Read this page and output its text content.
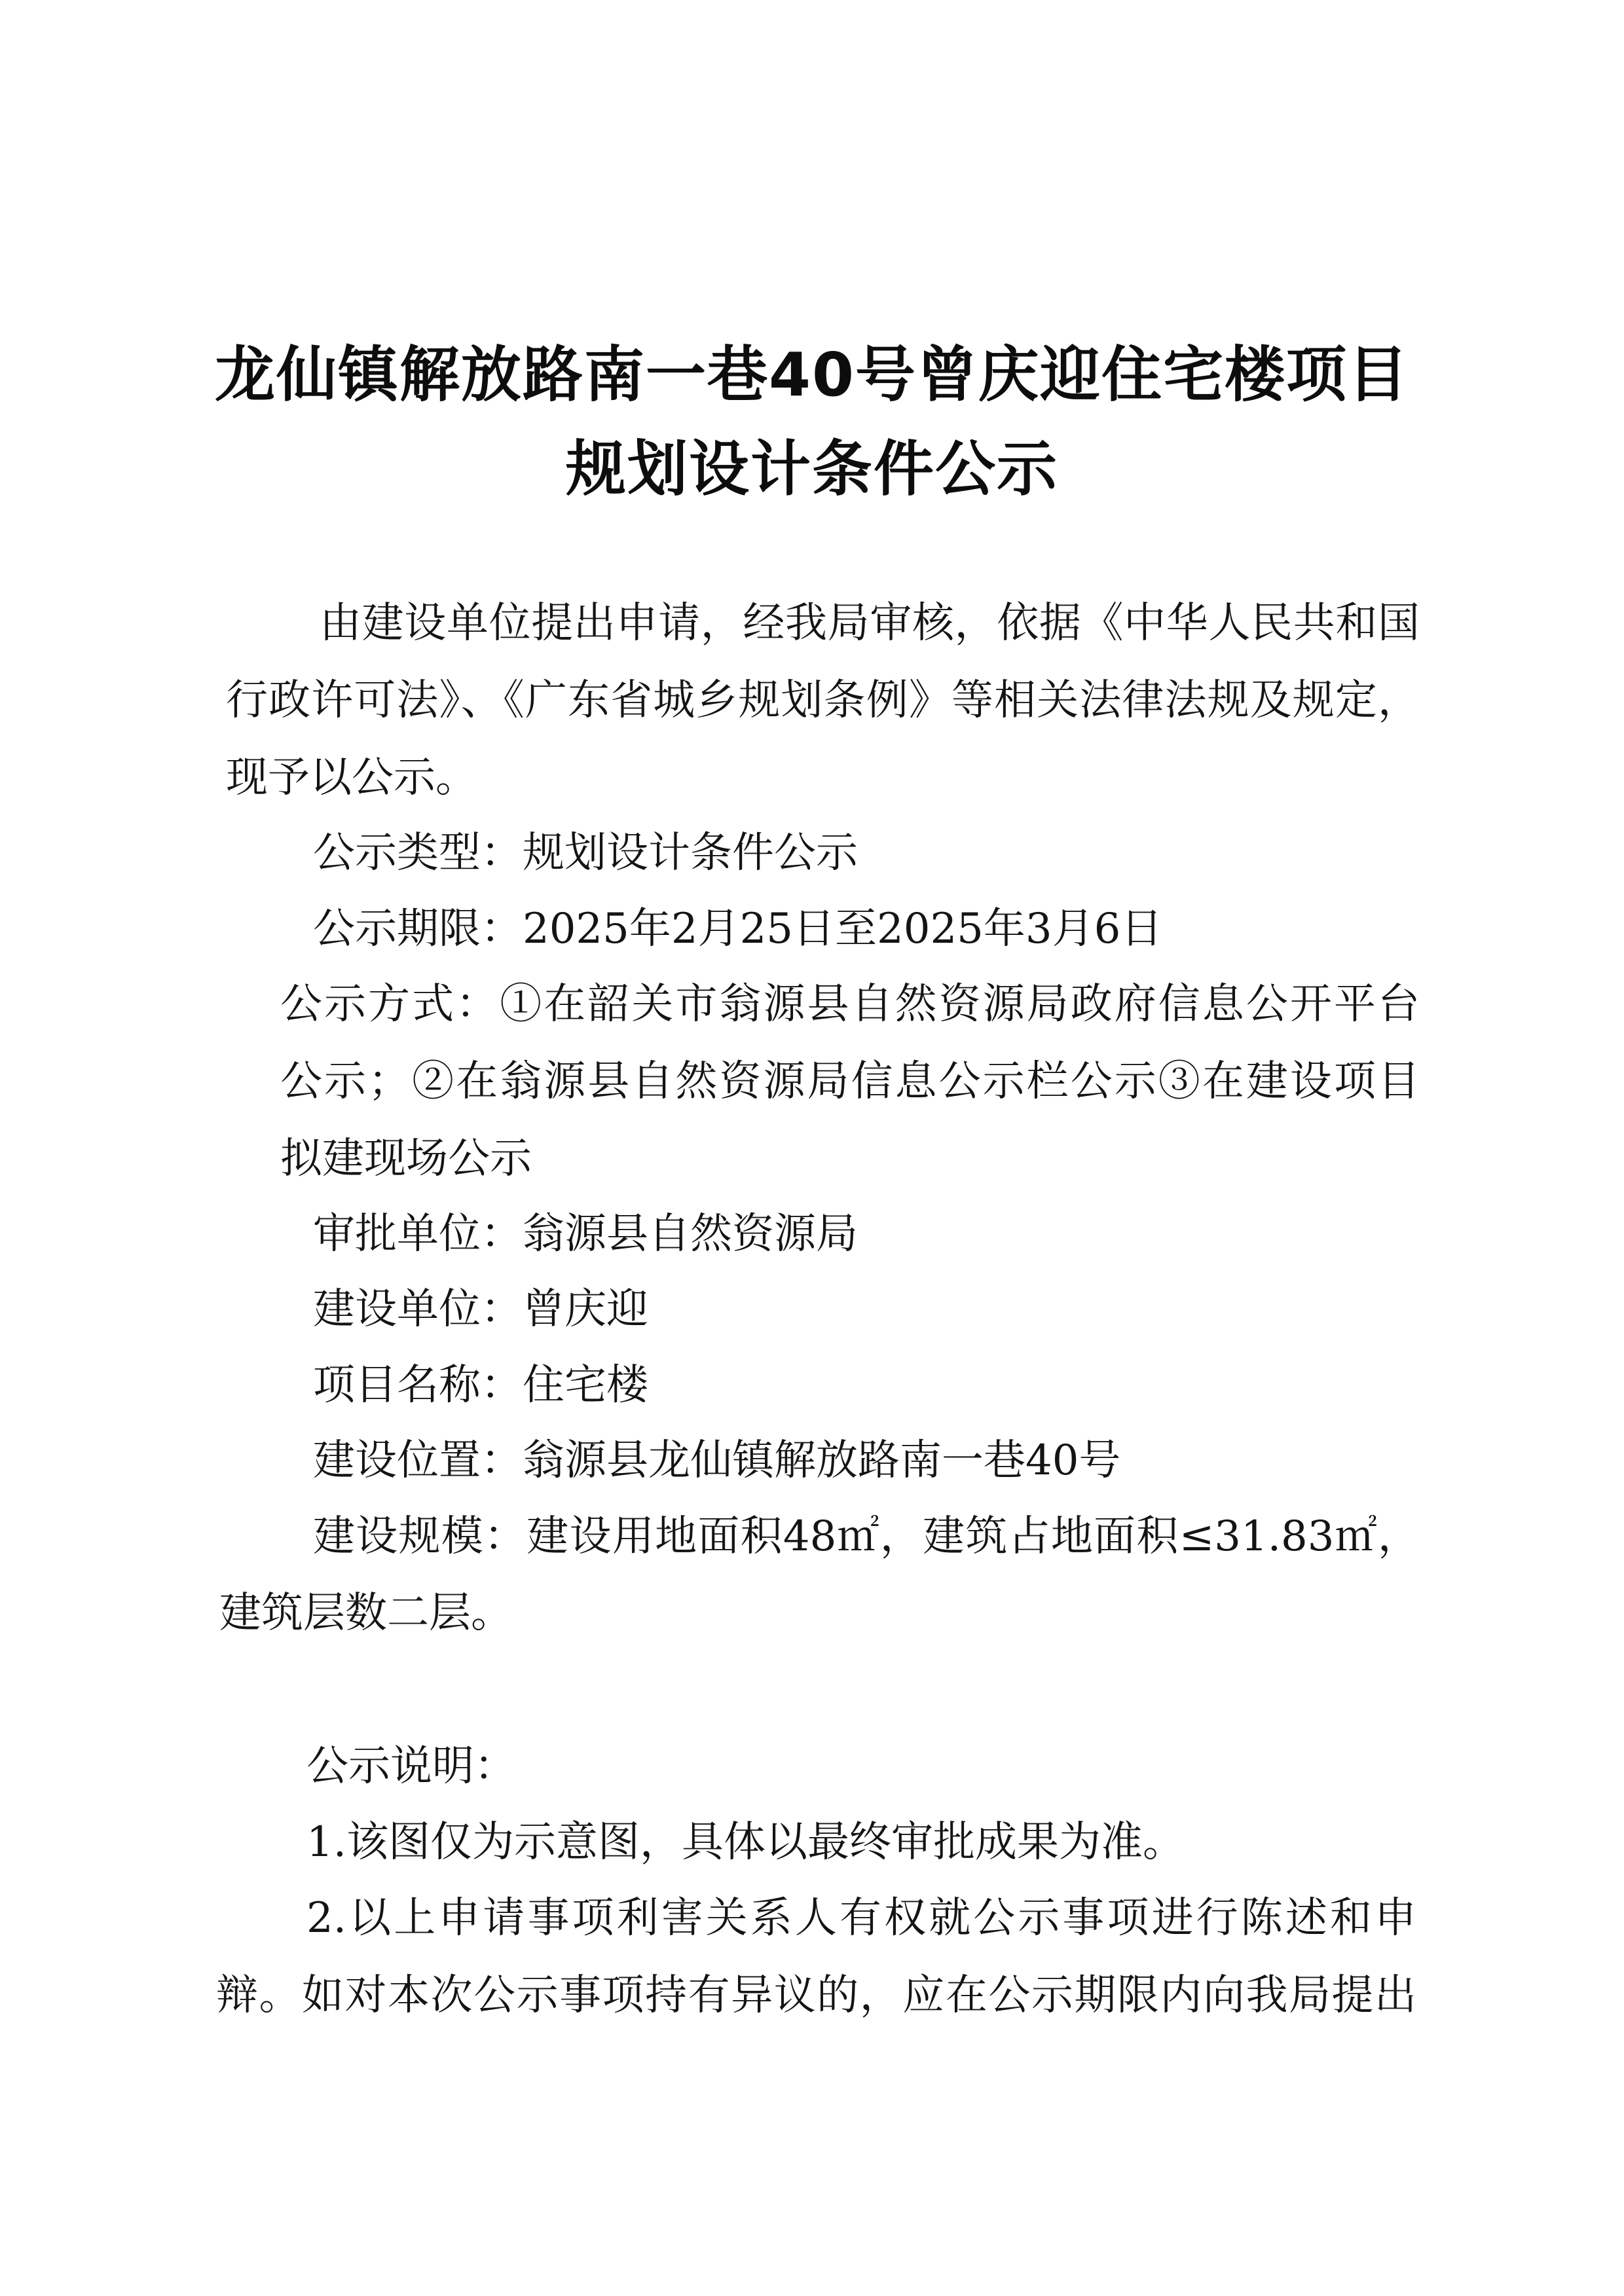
龙仙镇解放路南一巷40号曾庆迎住宅楼项目
规划设计条件公示
由建设单位提出申请，经我局审核，依据《中华人民共和国
行政许可法》、《广东省城乡规划条例》等相关法律法规及规定，
现予以公示。
公示类型：规划设计条件公示
公示期限：2025年2月25日至2025年3月6日
公示方式：①在韶关市翁源县自然资源局政府信息公开平台
公示；②在翁源县自然资源局信息公示栏公示③在建设项目
拟建现场公示
审批单位：翁源县自然资源局
建设单位：曾庆迎
项目名称：住宅楼
建设位置：翁源县龙仙镇解放路南一巷40号
建设规模：建设用地面积48㎡，建筑占地面积≤31.83㎡，
建筑层数二层。
公示说明：
1.该图仅为示意图，具体以最终审批成果为准。
2.以上申请事项利害关系人有权就公示事项进行陈述和申
辩。如对本次公示事项持有异议的，应在公示期限内向我局提出
